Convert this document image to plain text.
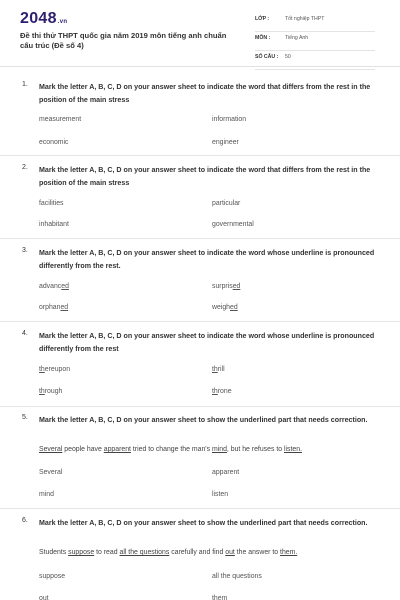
2048.vn
Đề thi thử THPT quốc gia năm 2019 môn tiếng anh chuẩn cấu trúc (Đề số 4)
LỚP :	Tốt nghiệp THPT
MÔN :	Tiếng Anh
SỐ CÂU : 50
1. Mark the letter A, B, C, D on your answer sheet to indicate the word that differs from the rest in the position of the main stress
measurement	information
economic	engineer
2. Mark the letter A, B, C, D on your answer sheet to indicate the word that differs from the rest in the position of the main stress
facilities	particular
inhabitant	governmental
3. Mark the letter A, B, C, D on your answer sheet to indicate the word whose underline is pronounced differently from the rest.
advanced	surprised
orphaned	weighed
4. Mark the letter A, B, C, D on your answer sheet to indicate the word whose underline is pronounced differently from the rest
thereupon	thrill
through	throne
5. Mark the letter A, B, C, D on your answer sheet to show the underlined part that needs correction.
Several people have apparent tried to change the man's mind, but he refuses to listen.
Several	apparent
mind	listen
6. Mark the letter A, B, C, D on your answer sheet to show the underlined part that needs correction.
Students suppose to read all the questions carefully and find out the answer to them.
suppose	all the questions
out	them
